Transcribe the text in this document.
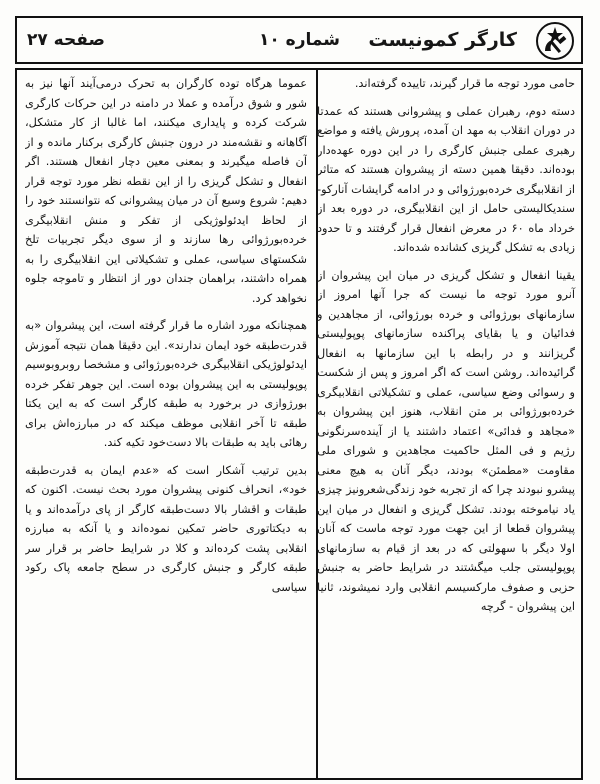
صفحه ۲۷	شماره ۱۰ کارگر کمونیست

حامی مورد توجه ما قرار گیرند، تاییده گرفته‌اند.

دسته دوم، رهبران عملی و پیشروانی هستند که عمدتا در دوران انقلاب به مهد ان آمده، پرورش یافته و مواضع رهبری عملی جنبش کارگری را در این دوره عهده‌دار بوده‌اند. دقیقا همین دسته از پیشروان هستند که متاثر از انقلابیگری خرده‌بورژوائی و در ادامه گرایشات آنارکو- سندیکالیستی حامل از این انقلابیگری، در دوره بعد از خرداد ماه ۶۰ در معرض انفعال قرار گرفتند و تا حدود زیادی به تشکل گریزی کشانده شده‌اند.

یقینا انفعال و تشکل گریزی در میان این پیشروان از آنرو مورد توجه ما نیست که جرا آنها امروز از سازمانهای بورژوائی و خرده بورژوائی، از مجاهدین و فدائیان و یا بقایای پراکنده سازمانهای پوپولیستی گریزانند و در رابطه با این سازمانها به انفعال گرائیده‌اند. روشن است که اگر امروز و پس از شکست و رسوائی وضع سیاسی، عملی و تشکیلاتی انقلابیگری خرده‌بورژوائی بر متن انقلاب، هنوز این پیشروان به «مجاهد و فدائی» اعتماد داشتند یا از آینده‌سرنگونی رژیم و فی المثل حاکمیت مجاهدین و شورای ملی مقاومت «مطمئن» بودند، دیگر آنان به هیچ معنی پیشرو نبودند چرا که از تجربه خود زندگی‌شعر‌ونیز چیزی یاد نیاموخته بودند. تشکل گریزی و انفعال در میان این پیشروان قطعا از این جهت مورد توجه ماست که آنان اولا دیگر با سهولتی که در بعد از قیام به سازمانهای پوپولیستی جلب میگشتند در شرایط حاضر به جنبش حزبی و صفوف مارکسیسم انقلابی وارد نمیشوند، ثانیا این پیشروان - گرچه

عموما هرگاه توده کارگران به تحرک درمی‌آیند آنها نیز به شور و شوق درآمده و عملا در دامنه در این حرکات کارگری شرکت کرده و پایداری میکنند، اما غالبا از کار متشکل، آگاهانه و نقشه‌مند در درون جنبش کارگری برکنار مانده و از آن فاصله میگیرند و بمعنی معین دچار انفعال هستند. اگر انفعال و تشکل گریزی را از این نقطه نظر مورد توجه قرار دهیم: شروع وسیع آن در میان پیشروانی که نتوانستند خود را از لحاظ ایدئولوژیکی از تفکر و منش انقلابیگری خرده‌بورژوائی رها سازند و از سوی دیگر تجربیات تلخ شکستهای سیاسی، عملی و تشکیلاتی این انقلابیگری را به همراه داشتند، براهمان جندان دور از انتظار و تاموجه جلوه نخواهد کرد.

همچنانکه مورد اشاره ما قرار گرفته است، این پیشروان «به قدرت‌طبقه خود ایمان ندارند». این دقیقا همان نتیجه آموزش ایدئولوژیکی انقلابیگری خرده‌بورژوائی و مشخصا روبروبوسیم پوپولیستی به این پیشروان بوده است. این جوهر تفکر خرده بورژوازی در برخورد به طبقه کارگر است که به این یکتا طبقه تا آخر انقلابی موظف میکند که در مبارزه‌اش برای رهائی باید به طبقات بالا دست‌خود تکیه کند.

بدین ترتیب آشکار است که «عدم ایمان به قدرت‌طبقه خود»، انحراف کنونی پیشروان مورد بحث نیست. اکنون که طبقات و اقشار بالا دست‌طبقه کارگر از پای درآمده‌اند و یا به دیکتاتوری حاضر تمکین نموده‌اند و یا آنکه به مبارزه انقلابی پشت کرده‌اند و کلا در شرایط حاضر بر قرار سر طبقه کارگر و جنبش کارگری در سطح جامعه پاک رکود سیاسی
